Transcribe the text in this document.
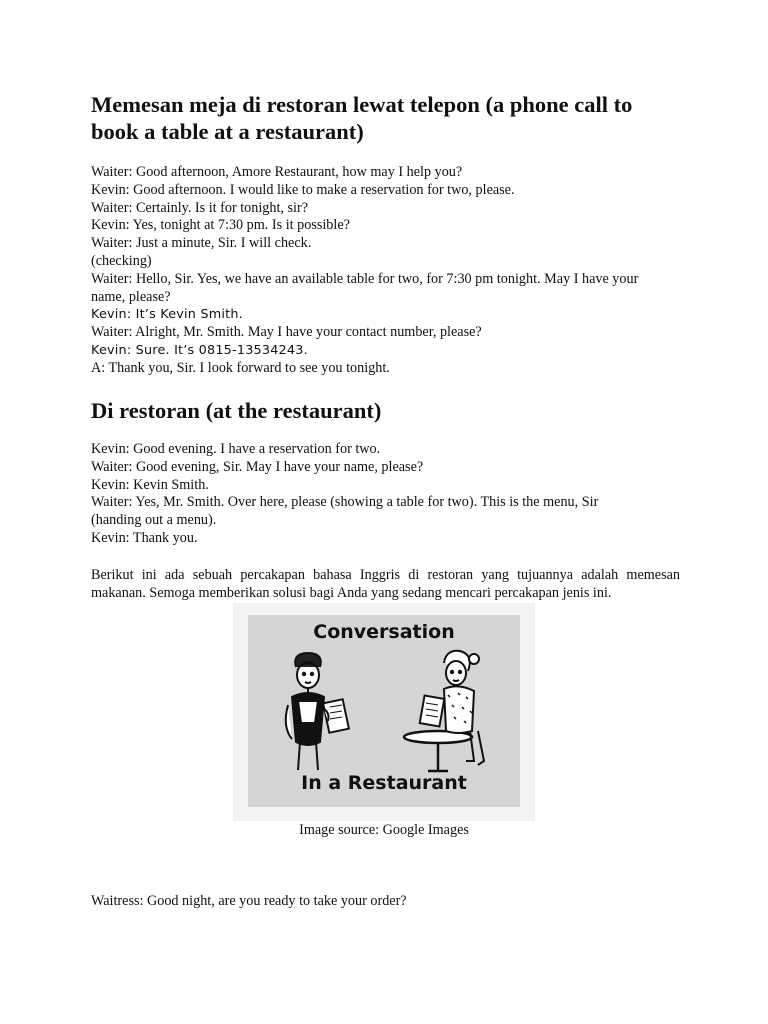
Memesan meja di restoran lewat telepon (a phone call to book a table at a restaurant)
Waiter: Good afternoon, Amore Restaurant, how may I help you?
Kevin: Good afternoon. I would like to make a reservation for two, please.
Waiter: Certainly. Is it for tonight, sir?
Kevin: Yes, tonight at 7:30 pm. Is it possible?
Waiter: Just a minute, Sir. I will check.
(checking)
Waiter: Hello, Sir. Yes, we have an available table for two, for 7:30 pm tonight. May I have your
name, please?
Kevin: It’s Kevin Smith.
Waiter: Alright, Mr. Smith. May I have your contact number, please?
Kevin: Sure. It’s 0815-13534243.
A: Thank you, Sir. I look forward to see you tonight.
Di restoran (at the restaurant)
Kevin: Good evening. I have a reservation for two.
Waiter: Good evening, Sir. May I have your name, please?
Kevin: Kevin Smith.
Waiter: Yes, Mr. Smith. Over here, please (showing a table for two). This is the menu, Sir
(handing out a menu).
Kevin: Thank you.
Berikut ini ada sebuah percakapan bahasa Inggris di restoran yang tujuannya adalah memesan makanan. Semoga memberikan solusi bagi Anda yang sedang mencari percakapan jenis ini.
Conversation
In a Restaurant
Image source: Google Images
Waitress: Good night, are you ready to take your order?
